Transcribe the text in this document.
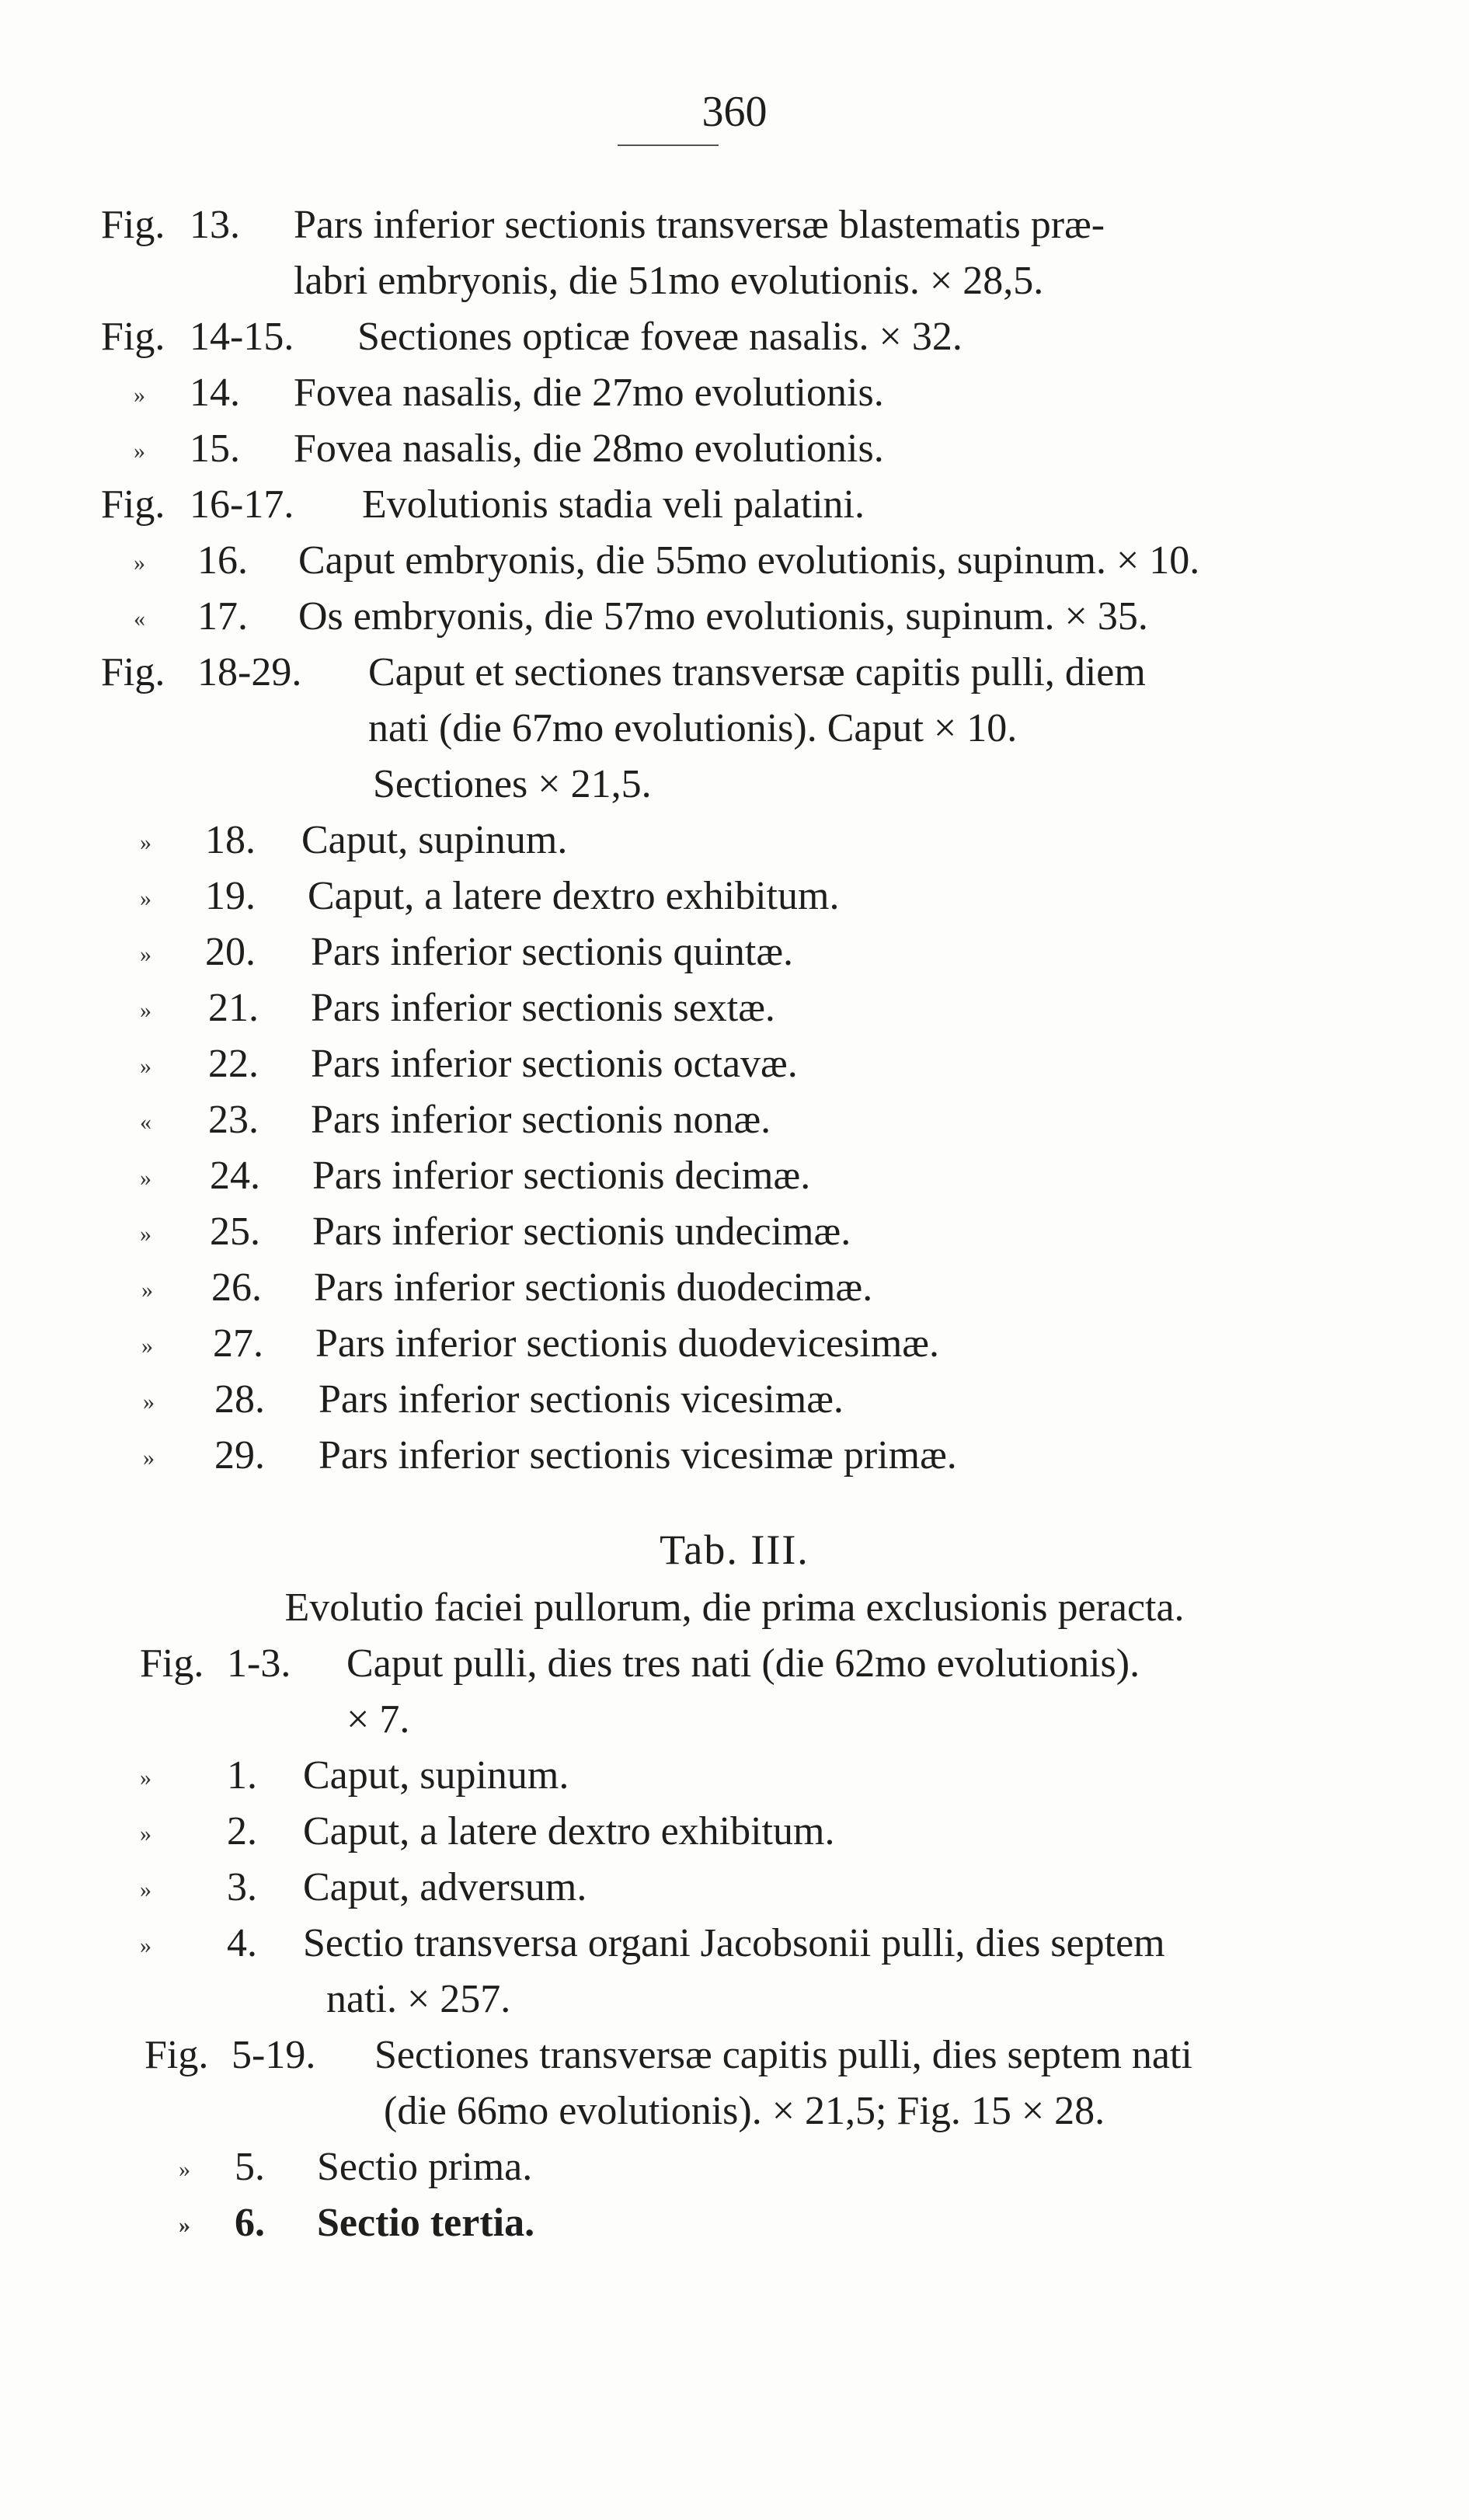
360
Fig. 13. Pars inferior sectionis transversæ blastematis præ-
labri embryonis, die 51mo evolutionis. × 28,5.
Fig. 14-15. Sectiones opticæ foveæ nasalis. × 32.
» 14. Fovea nasalis, die 27mo evolutionis.
» 15. Fovea nasalis, die 28mo evolutionis.
Fig. 16-17. Evolutionis stadia veli palatini.
» 16. Caput embryonis, die 55mo evolutionis, supinum. × 10.
« 17. Os embryonis, die 57mo evolutionis, supinum. × 35.
Fig. 18-29. Caput et sectiones transversæ capitis pulli, diem
nati (die 67mo evolutionis). Caput × 10.
Sectiones × 21,5.
» 18. Caput, supinum.
» 19. Caput, a latere dextro exhibitum.
» 20. Pars inferior sectionis quintæ.
» 21. Pars inferior sectionis sextæ.
» 22. Pars inferior sectionis octavæ.
« 23. Pars inferior sectionis nonæ.
» 24. Pars inferior sectionis decimæ.
» 25. Pars inferior sectionis undecimæ.
» 26. Pars inferior sectionis duodecimæ.
» 27. Pars inferior sectionis duodevicesimæ.
» 28. Pars inferior sectionis vicesimæ.
» 29. Pars inferior sectionis vicesimæ primæ.
Tab. III.
Evolutio faciei pullorum, die prima exclusionis peracta.
Fig. 1-3. Caput pulli, dies tres nati (die 62mo evolutionis).
× 7.
» 1. Caput, supinum.
» 2. Caput, a latere dextro exhibitum.
» 3. Caput, adversum.
» 4. Sectio transversa organi Jacobsonii pulli, dies septem
nati. × 257.
Fig. 5-19. Sectiones transversæ capitis pulli, dies septem nati
(die 66mo evolutionis). × 21,5; Fig. 15 × 28.
» 5. Sectio prima.
» 6. Sectio tertia.
